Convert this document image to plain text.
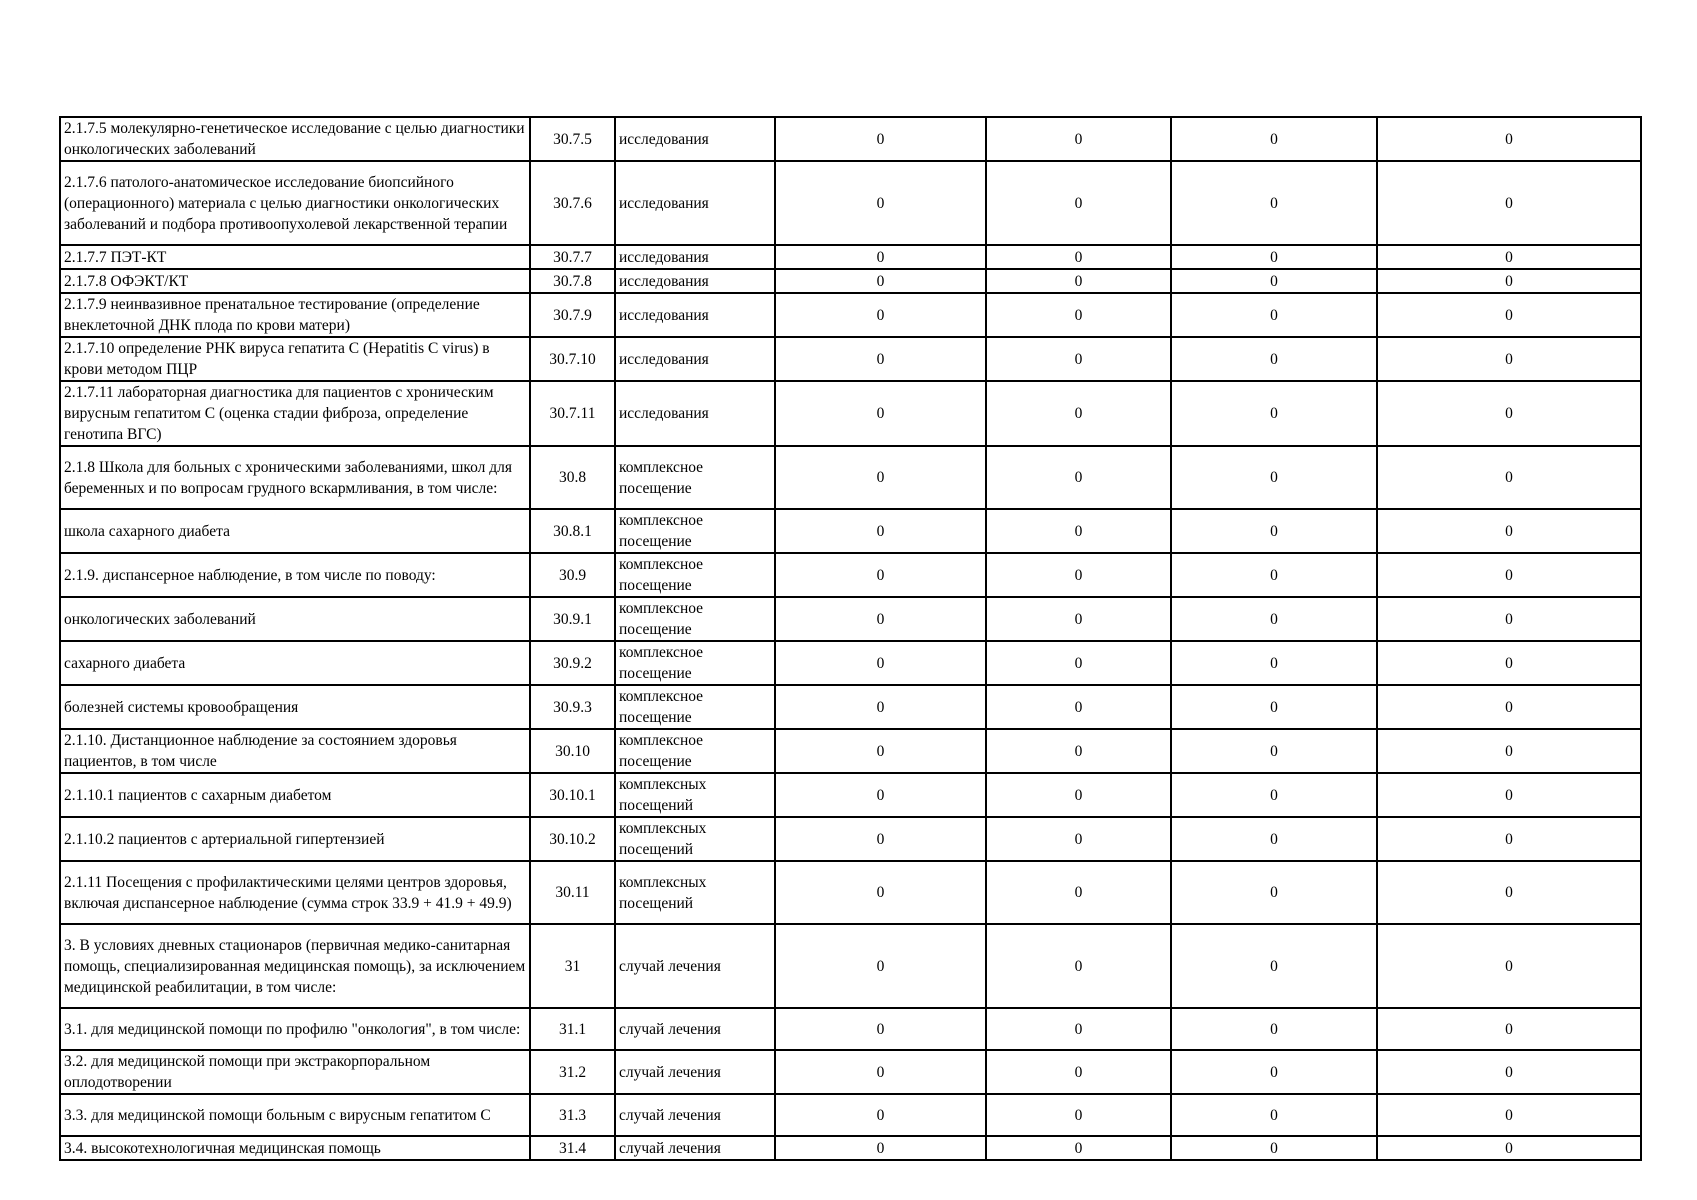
2.1.7.5 молекулярно-генетическое исследование с целью диагностики онкологических заболеваний	30.7.5	исследования	0	0	0	0
2.1.7.6 патолого-анатомическое исследование биопсийного (операционного) материала с целью диагностики онкологических заболеваний и подбора противоопухолевой лекарственной терапии	30.7.6	исследования	0	0	0	0
2.1.7.7 ПЭТ-КТ	30.7.7	исследования	0	0	0	0
2.1.7.8 ОФЭКТ/КТ	30.7.8	исследования	0	0	0	0
2.1.7.9 неинвазивное пренатальное тестирование (определение внеклеточной ДНК плода по крови матери)	30.7.9	исследования	0	0	0	0
2.1.7.10 определение РНК вируса гепатита С (Hepatitis C virus) в крови методом ПЦР	30.7.10	исследования	0	0	0	0
2.1.7.11 лабораторная диагностика для пациентов с хроническим вирусным гепатитом С (оценка стадии фиброза, определение генотипа ВГС)	30.7.11	исследования	0	0	0	0
2.1.8 Школа для больных с хроническими заболеваниями, школ для беременных и по вопросам грудного вскармливания, в том числе:	30.8	комплексное посещение	0	0	0	0
школа сахарного диабета	30.8.1	комплексное посещение	0	0	0	0
2.1.9. диспансерное наблюдение, в том числе по поводу:	30.9	комплексное посещение	0	0	0	0
онкологических заболеваний	30.9.1	комплексное посещение	0	0	0	0
сахарного диабета	30.9.2	комплексное посещение	0	0	0	0
болезней системы кровообращения	30.9.3	комплексное посещение	0	0	0	0
2.1.10. Дистанционное наблюдение за состоянием здоровья пациентов, в том числе	30.10	комплексное посещение	0	0	0	0
2.1.10.1 пациентов с сахарным диабетом	30.10.1	комплексных посещений	0	0	0	0
2.1.10.2 пациентов с артериальной гипертензией	30.10.2	комплексных посещений	0	0	0	0
2.1.11 Посещения с профилактическими целями центров здоровья, включая диспансерное наблюдение (сумма строк 33.9 + 41.9 + 49.9)	30.11	комплексных посещений	0	0	0	0
3. В условиях дневных стационаров (первичная медико-санитарная помощь, специализированная медицинская помощь), за исключением медицинской реабилитации, в том числе:	31	случай лечения	0	0	0	0
3.1. для медицинской помощи по профилю "онкология", в том числе:	31.1	случай лечения	0	0	0	0
3.2. для медицинской помощи при экстракорпоральном оплодотворении	31.2	случай лечения	0	0	0	0
3.3. для медицинской помощи больным с вирусным гепатитом С	31.3	случай лечения	0	0	0	0
3.4. высокотехнологичная медицинская помощь	31.4	случай лечения	0	0	0	0
